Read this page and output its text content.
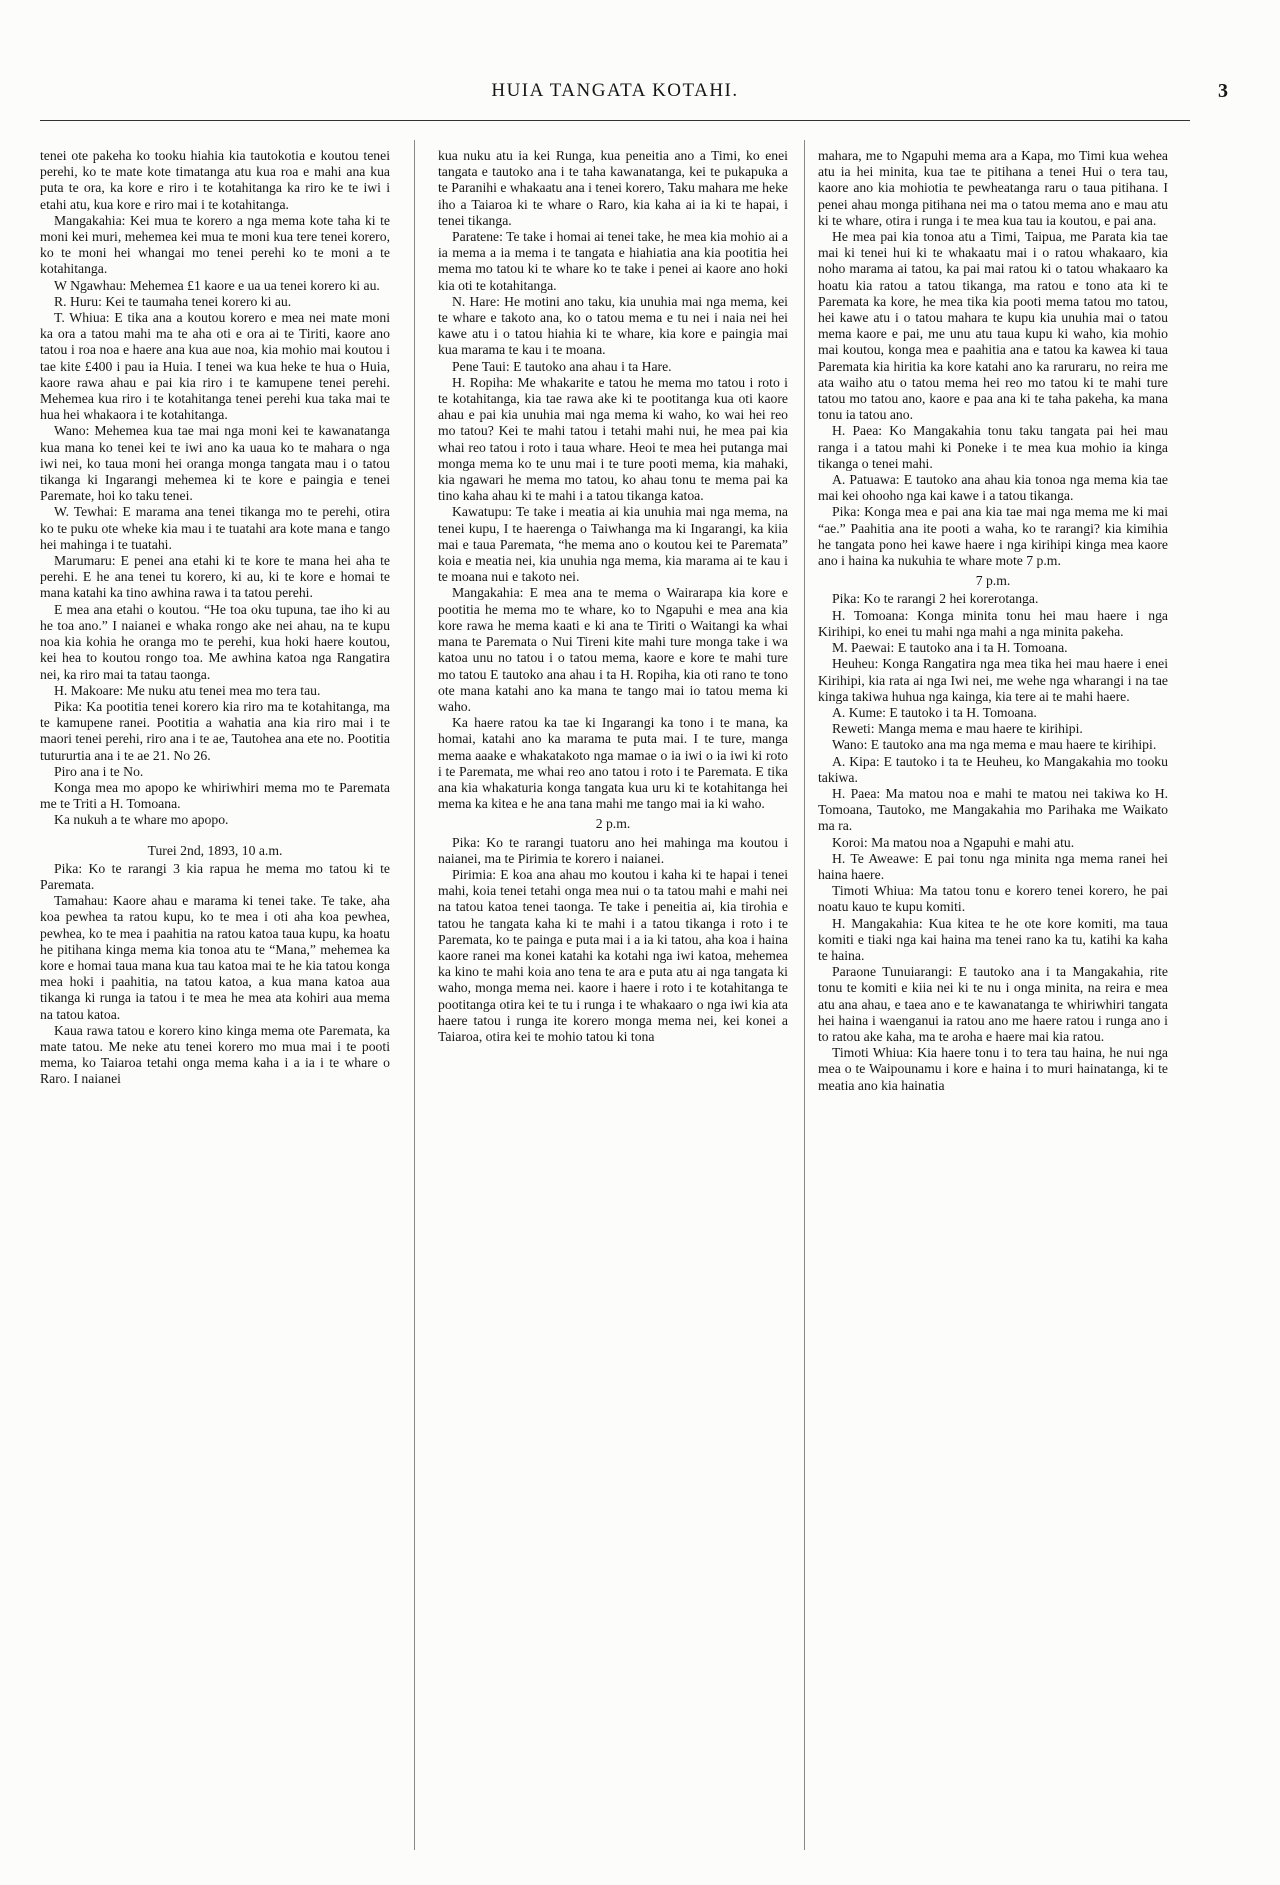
HUIA TANGATA KOTAHI.	3

tenei ote pakeha ko tooku hiahia kia tautokotia e koutou tenei perehi, ko te mate kote timatanga atu kua roa e mahi ana kua puta te ora, ka kore e riro i te kotahitanga ka riro ke te iwi i etahi atu, kua kore e riro mai i te kotahitanga.

Mangakahia: Kei mua te korero a nga mema kote taha ki te moni kei muri, mehemea kei mua te moni kua tere tenei korero, ko te moni hei whangai mo tenei perehi ko te moni a te kotahitanga.

W Ngawhau: Mehemea £1 kaore e ua ua tenei korero ki au.

R. Huru: Kei te taumaha tenei korero ki au.

T. Whiua: E tika ana a koutou korero e mea nei mate moni ka ora a tatou mahi ma te aha oti e ora ai te Tiriti, kaore ano tatou i roa noa e haere ana kua aue noa, kia mohio mai koutou i tae kite £400 i pau ia Huia. I tenei wa kua heke te hua o Huia, kaore rawa ahau e pai kia riro i te kamupene tenei perehi. Mehemea kua riro i te kotahitanga tenei perehi kua taka mai te hua hei whakaora i te kotahitanga.

Wano: Mehemea kua tae mai nga moni kei te kawanatanga kua mana ko tenei kei te iwi ano ka uaua ko te mahara o nga iwi nei, ko taua moni hei oranga monga tangata mau i o tatou tikanga ki Ingarangi mehemea ki te kore e paingia e tenei Paremate, hoi ko taku tenei.

W. Tewhai: E marama ana tenei tikanga mo te perehi, otira ko te puku ote wheke kia mau i te tuatahi ara kote mana e tango hei mahinga i te tuatahi.

Marumaru: E penei ana etahi ki te kore te mana hei aha te perehi. E he ana tenei tu korero, ki au, ki te kore e homai te mana katahi ka tino awhina rawa i ta tatou perehi.

E mea ana etahi o koutou. “He toa oku tupuna, tae iho ki au he toa ano.” I naianei e whaka rongo ake nei ahau, na te kupu noa kia kohia he oranga mo te perehi, kua hoki haere koutou, kei hea to koutou rongo toa. Me awhina katoa nga Rangatira nei, ka riro mai ta tatau taonga.

H. Makoare: Me nuku atu tenei mea mo tera tau.

Pika: Ka pootitia tenei korero kia riro ma te kotahitanga, ma te kamupene ranei. Pootitia a wahatia ana kia riro mai i te maori tenei perehi, riro ana i te ae, Tautohea ana ete no. Pootitia tutururtia ana i te ae 21. No 26.

Piro ana i te No.

Konga mea mo apopo ke whiriwhiri mema mo te Paremata me te Triti a H. Tomoana.

Ka nukuh a te whare mo apopo.

Turei 2nd, 1893, 10 a.m.

Pika: Ko te rarangi 3 kia rapua he mema mo tatou ki te Paremata.

Tamahau: Kaore ahau e marama ki tenei take. Te take, aha koa pewhea ta ratou kupu, ko te mea i oti aha koa pewhea, pewhea, ko te mea i paahitia na ratou katoa taua kupu, ka hoatu he pitihana kinga mema kia tonoa atu te “Mana,” mehemea ka kore e homai taua mana kua tau katoa mai te he kia tatou konga mea hoki i paahitia, na tatou katoa, a kua mana katoa aua tikanga ki runga ia tatou i te mea he mea ata kohiri aua mema na tatou katoa.

Kaua rawa tatou e korero kino kinga mema ote Paremata, ka mate tatou. Me neke atu tenei korero mo mua mai i te pooti mema, ko Taiaroa tetahi onga mema kaha i a ia i te whare o Raro. I naianei

kua nuku atu ia kei Runga, kua peneitia ano a Timi, ko enei tangata e tautoko ana i te taha kawanatanga, kei te pukapuka a te Paranihi e whakaatu ana i tenei korero, Taku mahara me heke iho a Taiaroa ki te whare o Raro, kia kaha ai ia ki te hapai, i tenei tikanga.

Paratene: Te take i homai ai tenei take, he mea kia mohio ai a ia mema a ia mema i te tangata e hiahiatia ana kia pootitia hei mema mo tatou ki te whare ko te take i penei ai kaore ano hoki kia oti te kotahitanga.

N. Hare: He motini ano taku, kia unuhia mai nga mema, kei te whare e takoto ana, ko o tatou mema e tu nei i naia nei hei kawe atu i o tatou hiahia ki te whare, kia kore e paingia mai kua marama te kau i te moana.

Pene Taui: E tautoko ana ahau i ta Hare.

H. Ropiha: Me whakarite e tatou he mema mo tatou i roto i te kotahitanga, kia tae rawa ake ki te pootitanga kua oti kaore ahau e pai kia unuhia mai nga mema ki waho, ko wai hei reo mo tatou? Kei te mahi tatou i tetahi mahi nui, he mea pai kia whai reo tatou i roto i taua whare. Heoi te mea hei putanga mai monga mema ko te unu mai i te ture pooti mema, kia mahaki, kia ngawari he mema mo tatou, ko ahau tonu te mema pai ka tino kaha ahau ki te mahi i a tatou tikanga katoa.

Kawatupu: Te take i meatia ai kia unuhia mai nga mema, na tenei kupu, I te haerenga o Taiwhanga ma ki Ingarangi, ka kiia mai e taua Paremata, “he mema ano o koutou kei te Paremata” koia e meatia nei, kia unuhia nga mema, kia marama ai te kau i te moana nui e takoto nei.

Mangakahia: E mea ana te mema o Wairarapa kia kore e pootitia he mema mo te whare, ko to Ngapuhi e mea ana kia kore rawa he mema kaati e ki ana te Tiriti o Waitangi ka whai mana te Paremata o Nui Tireni kite mahi ture monga take i wa katoa unu no tatou i o tatou mema, kaore e kore te mahi ture mo tatou E tautoko ana ahau i ta H. Ropiha, kia oti rano te tono ote mana katahi ano ka mana te tango mai io tatou mema ki waho.

Ka haere ratou ka tae ki Ingarangi ka tono i te mana, ka homai, katahi ano ka marama te puta mai. I te ture, manga mema aaake e whakatakoto nga mamae o ia iwi o ia iwi ki roto i te Paremata, me whai reo ano tatou i roto i te Paremata. E tika ana kia whakaturia konga tangata kua uru ki te kotahitanga hei mema ka kitea e he ana tana mahi me tango mai ia ki waho.

2 p.m.

Pika: Ko te rarangi tuatoru ano hei mahinga ma koutou i naianei, ma te Pirimia te korero i naianei.

Pirimia: E koa ana ahau mo koutou i kaha ki te hapai i tenei mahi, koia tenei tetahi onga mea nui o ta tatou mahi e mahi nei na tatou katoa tenei taonga. Te take i peneitia ai, kia tirohia e tatou he tangata kaha ki te mahi i a tatou tikanga i roto i te Paremata, ko te painga e puta mai i a ia ki tatou, aha koa i haina kaore ranei ma konei katahi ka kotahi nga iwi katoa, mehemea ka kino te mahi koia ano tena te ara e puta atu ai nga tangata ki waho, monga mema nei. kaore i haere i roto i te kotahitanga te pootitanga otira kei te tu i runga i te whakaaro o nga iwi kia ata haere tatou i runga ite korero monga mema nei, kei konei a Taiaroa, otira kei te mohio tatou ki tona

mahara, me to Ngapuhi mema ara a Kapa, mo Timi kua wehea atu ia hei minita, kua tae te pitihana a tenei Hui o tera tau, kaore ano kia mohiotia te pewheatanga raru o taua pitihana. I penei ahau monga pitihana nei ma o tatou mema ano e mau atu ki te whare, otira i runga i te mea kua tau ia koutou, e pai ana.

He mea pai kia tonoa atu a Timi, Taipua, me Parata kia tae mai ki tenei hui ki te whakaatu mai i o ratou whakaaro, kia noho marama ai tatou, ka pai mai ratou ki o tatou whakaaro ka hoatu kia ratou a tatou tikanga, ma ratou e tono ata ki te Paremata ka kore, he mea tika kia pooti mema tatou mo tatou, hei kawe atu i o tatou mahara te kupu kia unuhia mai o tatou mema kaore e pai, me unu atu taua kupu ki waho, kia mohio mai koutou, konga mea e paahitia ana e tatou ka kawea ki taua Paremata kia hiritia ka kore katahi ano ka raruraru, no reira me ata waiho atu o tatou mema hei reo mo tatou ki te mahi ture tatou mo tatou ano, kaore e paa ana ki te taha pakeha, ka mana tonu ia tatou ano.

H. Paea: Ko Mangakahia tonu taku tangata pai hei mau ranga i a tatou mahi ki Poneke i te mea kua mohio ia kinga tikanga o tenei mahi.

A. Patuawa: E tautoko ana ahau kia tonoa nga mema kia tae mai kei ohooho nga kai kawe i a tatou tikanga.

Pika: Konga mea e pai ana kia tae mai nga mema me ki mai “ae.” Paahitia ana ite pooti a waha, ko te rarangi? kia kimihia he tangata pono hei kawe haere i nga kirihipi kinga mea kaore ano i haina ka nukuhia te whare mote 7 p.m.

7 p.m.

Pika: Ko te rarangi 2 hei korerotanga.

H. Tomoana: Konga minita tonu hei mau haere i nga Kirihipi, ko enei tu mahi nga mahi a nga minita pakeha.

M. Paewai: E tautoko ana i ta H. Tomoana.

Heuheu: Konga Rangatira nga mea tika hei mau haere i enei Kirihipi, kia rata ai nga Iwi nei, me wehe nga wharangi i na tae kinga takiwa huhua nga kainga, kia tere ai te mahi haere.

A. Kume: E tautoko i ta H. Tomoana.

Reweti: Manga mema e mau haere te kirihipi.

Wano: E tautoko ana ma nga mema e mau haere te kirihipi.

A. Kipa: E tautoko i ta te Heuheu, ko Mangakahia mo tooku takiwa.

H. Paea: Ma matou noa e mahi te matou nei takiwa ko H. Tomoana, Tautoko, me Mangakahia mo Parihaka me Waikato ma ra.

Koroi: Ma matou noa a Ngapuhi e mahi atu.

H. Te Aweawe: E pai tonu nga minita nga mema ranei hei haina haere.

Timoti Whiua: Ma tatou tonu e korero tenei korero, he pai noatu kauo te kupu komiti.

H. Mangakahia: Kua kitea te he ote kore komiti, ma taua komiti e tiaki nga kai haina ma tenei rano ka tu, katihi ka kaha te haina.

Paraone Tunuiarangi: E tautoko ana i ta Mangakahia, rite tonu te komiti e kiia nei ki te nu i onga minita, na reira e mea atu ana ahau, e taea ano e te kawanatanga te whiriwhiri tangata hei haina i waenganui ia ratou ano me haere ratou i runga ano i to ratou ake kaha, ma te aroha e haere mai kia ratou.

Timoti Whiua: Kia haere tonu i to tera tau haina, he nui nga mea o te Waipounamu i kore e haina i to muri hainatanga, ki te meatia ano kia hainatia
